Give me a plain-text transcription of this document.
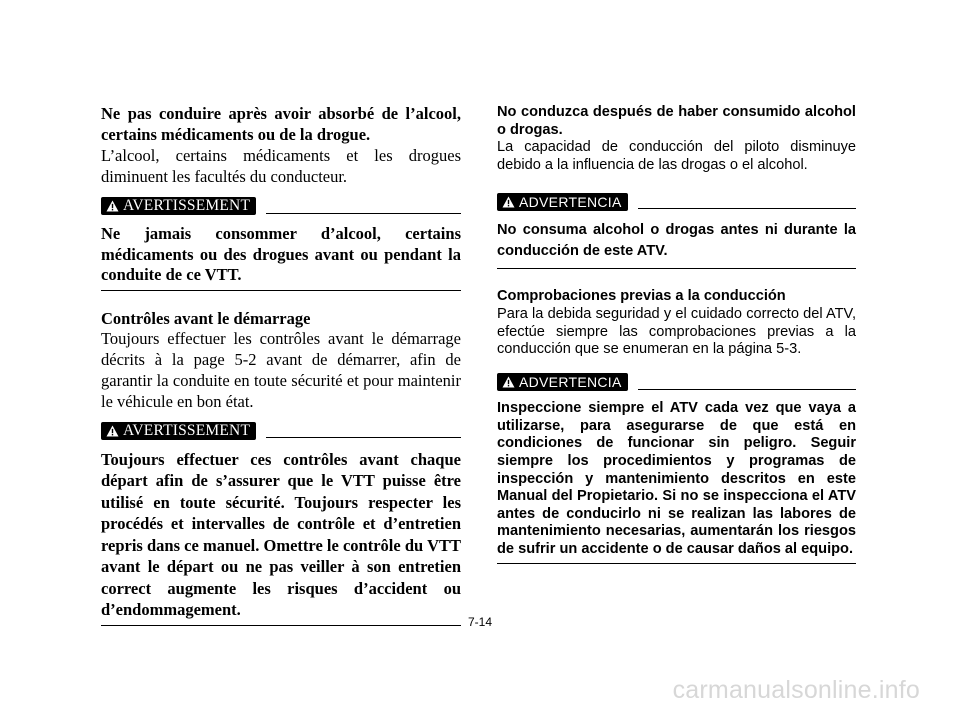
Ne pas conduire après avoir absorbé de l’alcool, certains médicaments ou de la drogue.

L’alcool, certains médicaments et les drogues diminuent les facultés du conducteur.

AVERTISSEMENT

Ne jamais consommer d’alcool, certains médicaments ou des drogues avant ou pendant la conduite de ce VTT.

Contrôles avant le démarrage

Toujours effectuer les contrôles avant le démarrage décrits à la page 5-2 avant de démarrer, afin de garantir la conduite en toute sécurité et pour maintenir le véhicule en bon état.

AVERTISSEMENT

Toujours effectuer ces contrôles avant chaque départ afin de s’assurer que le VTT puisse être utilisé en toute sécurité. Toujours respecter les procédés et intervalles de contrôle et d’entretien repris dans ce manuel. Omettre le contrôle du VTT avant le départ ou ne pas veiller à son entretien correct augmente les risques d’accident ou d’endommagement.

No conduzca después de haber consumido alcohol o drogas.

La capacidad de conducción del piloto disminuye debido a la influencia de las drogas o el alcohol.

ADVERTENCIA

No consuma alcohol o drogas antes ni durante la conducción de este ATV.

Comprobaciones previas a la conducción

Para la debida seguridad y el cuidado correcto del ATV, efectúe siempre las comprobaciones previas a la conducción que se enumeran en la página 5-3.

ADVERTENCIA

Inspeccione siempre el ATV cada vez que vaya a utilizarse, para asegurarse de que está en condiciones de funcionar sin peligro. Seguir siempre los procedimientos y programas de inspección y mantenimiento descritos en este Manual del Propietario. Si no se inspecciona el ATV antes de conducirlo ni se realizan las labores de mantenimiento necesarias, aumentarán los riesgos de sufrir un accidente o de causar daños al equipo.

7-14
carmanualsonline.info
